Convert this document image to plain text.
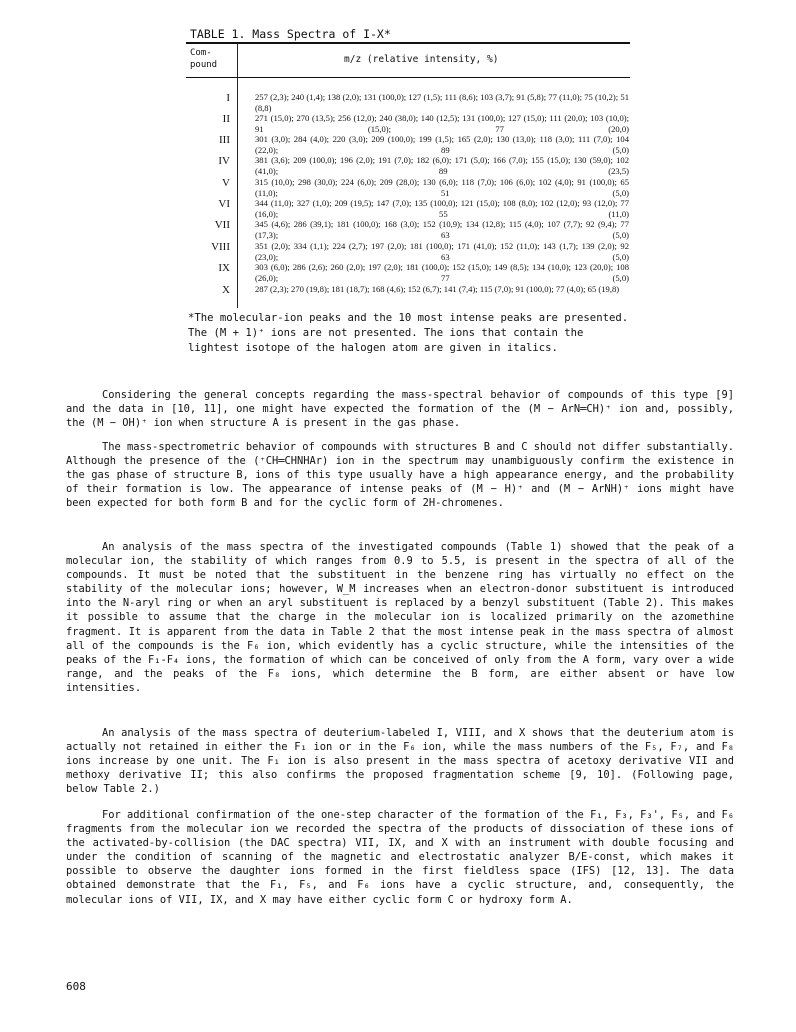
TABLE 1. Mass Spectra of I-X*
Com- pound	m/z (relative intensity, %)
I	257 (2,3); 240 (1,4); 138 (2,0); 131 (100,0); 127 (1,5); 111 (8,6); 103 (3,7); 91 (5,8); 77 (11,0); 75 (10,2); 51 (8,8)
II	271 (15,0); 270 (13,5); 256 (12,0); 240 (38,0); 140 (12,5); 131 (100,0); 127 (15,0); 111 (20,0); 103 (10,0); 91 (15,0); 77 (20,0)
III	301 (3,0); 284 (4,0); 220 (3,0); 209 (100,0); 199 (1,5); 165 (2,0); 130 (13,0); 118 (3,0); 111 (7,0); 104 (22,0); 89 (5,0)
IV	381 (3,6); 209 (100,0); 196 (2,0); 191 (7,0); 182 (6,0); 171 (5,0); 166 (7,0); 155 (15,0); 130 (59,0); 102 (41,0); 89 (23,5)
V	315 (10,0); 298 (30,0); 224 (6,0); 209 (28,0); 130 (6,0); 118 (7,0); 106 (6,0); 102 (4,0); 91 (100,0); 65 (11,0); 51 (5,0)
VI	344 (11,0); 327 (1,0); 209 (19,5); 147 (7,0); 135 (100,0); 121 (15,0); 108 (8,0); 102 (12,0); 93 (12,0); 77 (16,0); 55 (11,0)
VII	345 (4,6); 286 (39,1); 181 (100,0); 168 (3,0); 152 (10,9); 134 (12,8); 115 (4,0); 107 (7,7); 92 (9,4); 77 (17,3); 63 (5,0)
VIII	351 (2,0); 334 (1,1); 224 (2,7); 197 (2,0); 181 (100,0); 171 (41,0); 152 (11,0); 143 (1,7); 139 (2,0); 92 (23,0); 63 (5,0)
IX	303 (6,0); 286 (2,6); 260 (2,0); 197 (2,0); 181 (100,0); 152 (15,0); 149 (8,5); 134 (10,0); 123 (20,0); 108 (26,0); 77 (5,0)
X	287 (2,3); 270 (19,8); 181 (18,7); 168 (4,6); 152 (6,7); 141 (7,4); 115 (7,0); 91 (100,0); 77 (4,0); 65 (19,8)
*The molecular-ion peaks and the 10 most intense peaks are presented. The (M + 1)⁺ ions are not presented. The ions that contain the lightest isotope of the halogen atom are given in italics.

Considering the general concepts regarding the mass-spectral behavior of compounds of this type [9] and the data in [10, 11], one might have expected the formation of the (M − ArN═CH)⁺ ion and, possibly, the (M − OH)⁺ ion when structure A is present in the gas phase.

The mass-spectrometric behavior of compounds with structures B and C should not differ substantially. Although the presence of the (⁺CH═CHNHAr) ion in the spectrum may unambiguously confirm the existence in the gas phase of structure B, ions of this type usually have a high appearance energy, and the probability of their formation is low. The appearance of intense peaks of (M − H)⁺ and (M − ArNH)⁺ ions might have been expected for both form B and for the cyclic form of 2H-chromenes.

An analysis of the mass spectra of the investigated compounds (Table 1) showed that the peak of a molecular ion, the stability of which ranges from 0.9 to 5.5, is present in the spectra of all of the compounds. It must be noted that the substituent in the benzene ring has virtually no effect on the stability of the molecular ions; however, W_M increases when an electron-donor substituent is introduced into the N-aryl ring or when an aryl substituent is replaced by a benzyl substituent (Table 2). This makes it possible to assume that the charge in the molecular ion is localized primarily on the azomethine fragment. It is apparent from the data in Table 2 that the most intense peak in the mass spectra of almost all of the compounds is the F₆ ion, which evidently has a cyclic structure, while the intensities of the peaks of the F₁-F₄ ions, the formation of which can be conceived of only from the A form, vary over a wide range, and the peaks of the F₈ ions, which determine the B form, are either absent or have low intensities.

An analysis of the mass spectra of deuterium-labeled I, VIII, and X shows that the deuterium atom is actually not retained in either the F₁ ion or in the F₆ ion, while the mass numbers of the F₅, F₇, and F₈ ions increase by one unit. The F₁ ion is also present in the mass spectra of acetoxy derivative VII and methoxy derivative II; this also confirms the proposed fragmentation scheme [9, 10]. (Following page, below Table 2.)

For additional confirmation of the one-step character of the formation of the F₁, F₃, F₃', F₅, and F₆ fragments from the molecular ion we recorded the spectra of the products of dissociation of these ions of the activated-by-collision (the DAC spectra) VII, IX, and X with an instrument with double focusing and under the condition of scanning of the magnetic and electrostatic analyzer B/E-const, which makes it possible to observe the daughter ions formed in the first fieldless space (IFS) [12, 13]. The data obtained demonstrate that the F₁, F₅, and F₆ ions have a cyclic structure, and, consequently, the molecular ions of VII, IX, and X may have either cyclic form C or hydroxy form A.

608
